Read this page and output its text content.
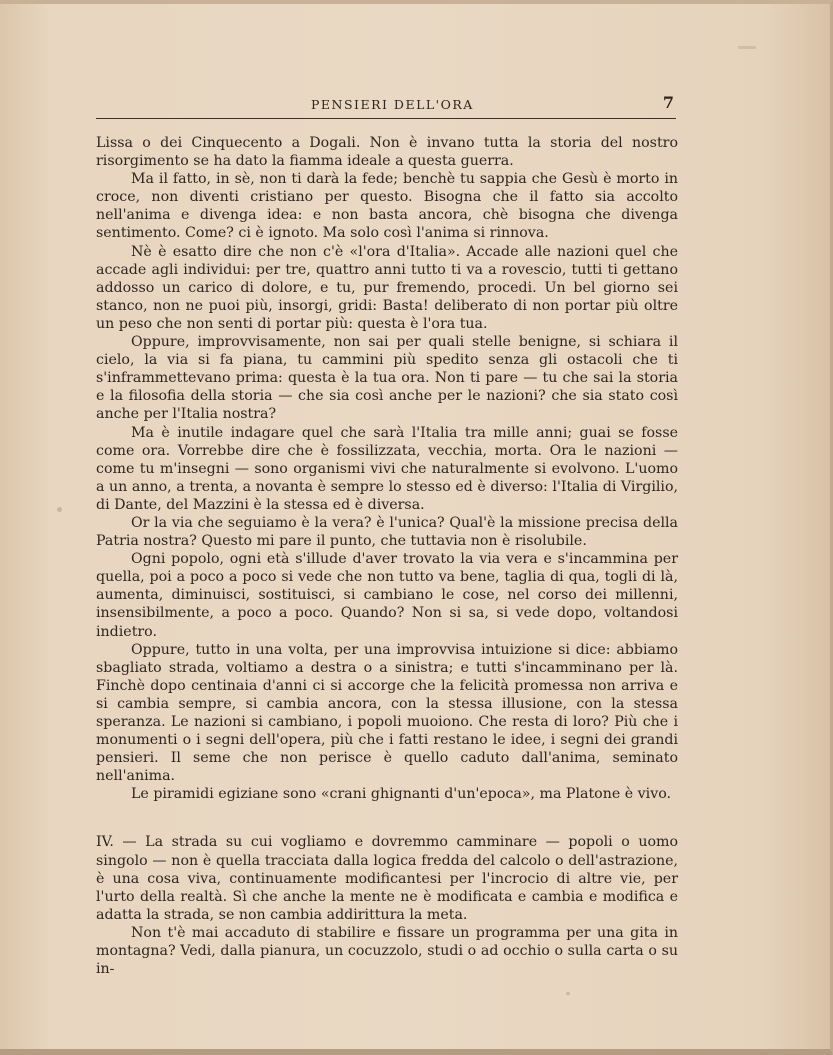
PENSIERI DELL'ORA	7

Lissa o dei Cinquecento a Dogali. Non è invano tutta la storia del nostro risorgimento se ha dato la fiamma ideale a questa guerra.

Ma il fatto, in sè, non ti darà la fede; benchè tu sappia che Gesù è morto in croce, non diventi cristiano per questo. Bisogna che il fatto sia accolto nell'anima e divenga idea: e non basta ancora, chè bisogna che divenga sentimento. Come? ci è ignoto. Ma solo così l'anima si rinnova.

Nè è esatto dire che non c'è «l'ora d'Italia». Accade alle nazioni quel che accade agli individui: per tre, quattro anni tutto ti va a rovescio, tutti ti gettano addosso un carico di dolore, e tu, pur fremendo, procedi. Un bel giorno sei stanco, non ne puoi più, insorgi, gridi: Basta! deliberato di non portar più oltre un peso che non senti di portar più: questa è l'ora tua.

Oppure, improvvisamente, non sai per quali stelle benigne, si schiara il cielo, la via si fa piana, tu cammini più spedito senza gli ostacoli che ti s'inframmettevano prima: questa è la tua ora. Non ti pare — tu che sai la storia e la filosofia della storia — che sia così anche per le nazioni? che sia stato così anche per l'Italia nostra?

Ma è inutile indagare quel che sarà l'Italia tra mille anni; guai se fosse come ora. Vorrebbe dire che è fossilizzata, vecchia, morta. Ora le nazioni — come tu m'insegni — sono organismi vivi che naturalmente si evolvono. L'uomo a un anno, a trenta, a novanta è sempre lo stesso ed è diverso: l'Italia di Virgilio, di Dante, del Mazzini è la stessa ed è diversa.

Or la via che seguiamo è la vera? è l'unica? Qual'è la missione precisa della Patria nostra? Questo mi pare il punto, che tuttavia non è risolubile.

Ogni popolo, ogni età s'illude d'aver trovato la via vera e s'incammina per quella, poi a poco a poco si vede che non tutto va bene, taglia di qua, togli di là, aumenta, diminuisci, sostituisci, si cambiano le cose, nel corso dei millenni, insensibilmente, a poco a poco. Quando? Non si sa, si vede dopo, voltandosi indietro.

Oppure, tutto in una volta, per una improvvisa intuizione si dice: abbiamo sbagliato strada, voltiamo a destra o a sinistra; e tutti s'incamminano per là. Finchè dopo centinaia d'anni ci si accorge che la felicità promessa non arriva e si cambia sempre, si cambia ancora, con la stessa illusione, con la stessa speranza. Le nazioni si cambiano, i popoli muoiono. Che resta di loro? Più che i monumenti o i segni dell'opera, più che i fatti restano le idee, i segni dei grandi pensieri. Il seme che non perisce è quello caduto dall'anima, seminato nell'anima.

Le piramidi egiziane sono «crani ghignanti d'un'epoca», ma Platone è vivo.

IV. — La strada su cui vogliamo e dovremmo camminare — popoli o uomo singolo — non è quella tracciata dalla logica fredda del calcolo o dell'astrazione, è una cosa viva, continuamente modificantesi per l'incrocio di altre vie, per l'urto della realtà. Sì che anche la mente ne è modificata e cambia e modifica e adatta la strada, se non cambia addirittura la meta.

Non t'è mai accaduto di stabilire e fissare un programma per una gita in montagna? Vedi, dalla pianura, un cocuzzolo, studi o ad occhio o sulla carta o su in-
